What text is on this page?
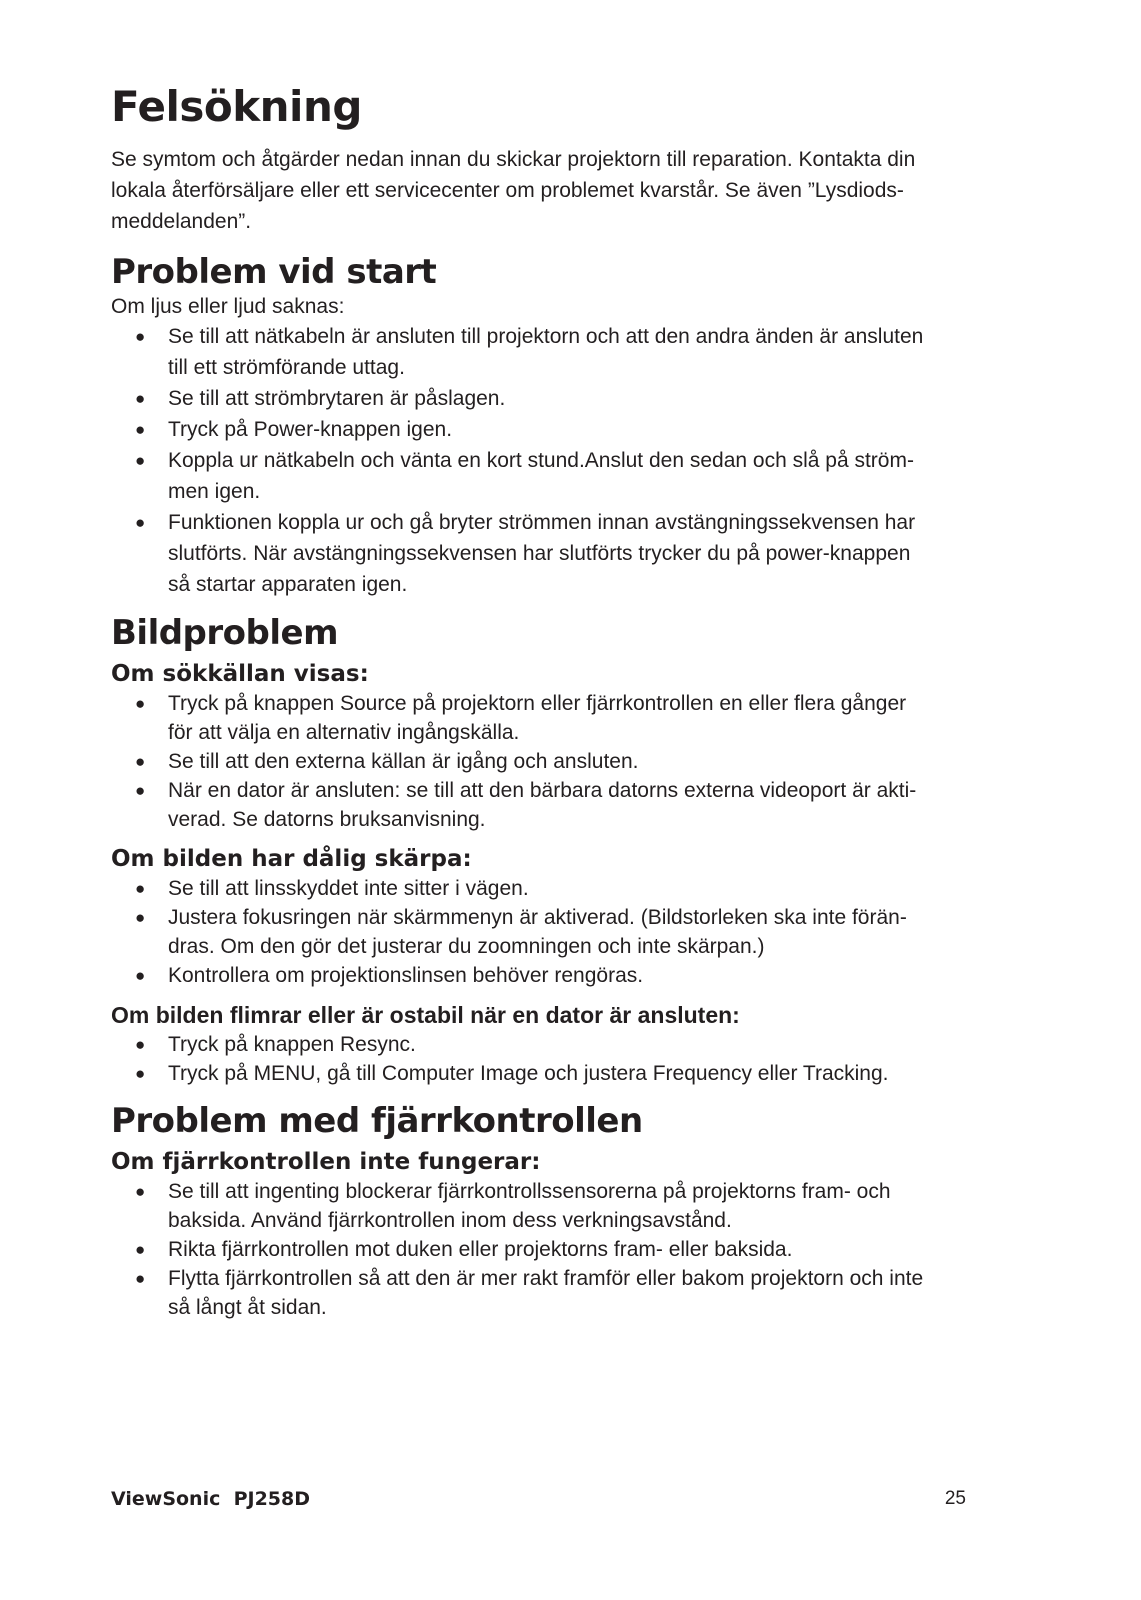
Felsökning

Se symtom och åtgärder nedan innan du skickar projektorn till reparation. Kontakta din
lokala återförsäljare eller ett servicecenter om problemet kvarstår. Se även ”Lysdiods-
meddelanden”.

Problem vid start

Om ljus eller ljud saknas:

● Se till att nätkabeln är ansluten till projektorn och att den andra änden är ansluten
till ett strömförande uttag.
● Se till att strömbrytaren är påslagen.
● Tryck på Power-knappen igen.
● Koppla ur nätkabeln och vänta en kort stund.Anslut den sedan och slå på ström-
men igen.
● Funktionen koppla ur och gå bryter strömmen innan avstängningssekvensen har
slutförts. När avstängningssekvensen har slutförts trycker du på power-knappen
så startar apparaten igen.
Bildproblem
Om sökkällan visas:
● Tryck på knappen Source på projektorn eller fjärrkontrollen en eller flera gånger
för att välja en alternativ ingångskälla.
● Se till att den externa källan är igång och ansluten.
● När en dator är ansluten: se till att den bärbara datorns externa videoport är akti-
verad. Se datorns bruksanvisning.
Om bilden har dålig skärpa:
● Se till att linsskyddet inte sitter i vägen.
● Justera fokusringen när skärmmenyn är aktiverad. (Bildstorleken ska inte förän-
dras. Om den gör det justerar du zoomningen och inte skärpan.)
● Kontrollera om projektionslinsen behöver rengöras.
Om bilden flimrar eller är ostabil när en dator är ansluten:
● Tryck på knappen Resync.
● Tryck på MENU, gå till Computer Image och justera Frequency eller Tracking.
Problem med fjärrkontrollen
Om fjärrkontrollen inte fungerar:
● Se till att ingenting blockerar fjärrkontrollssensorerna på projektorns fram- och
baksida. Använd fjärrkontrollen inom dess verkningsavstånd.
● Rikta fjärrkontrollen mot duken eller projektorns fram- eller baksida.
● Flytta fjärrkontrollen så att den är mer rakt framför eller bakom projektorn och inte
så långt åt sidan.
ViewSonic  PJ258D	25
